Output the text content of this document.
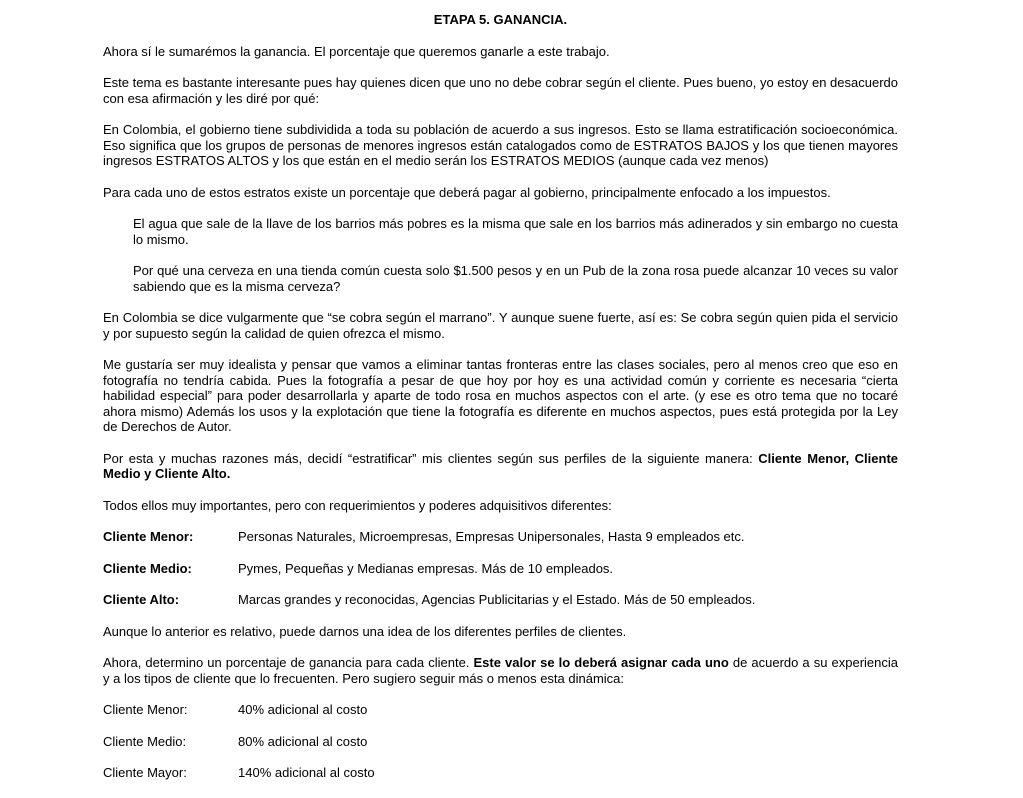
ETAPA 5. GANANCIA.

Ahora sí le sumarémos la ganancia. El porcentaje que queremos ganarle a este trabajo.

Este tema es bastante interesante pues hay quienes dicen que uno no debe cobrar según el cliente. Pues bueno, yo estoy en desacuerdo con esa afirmación y les diré por qué:

En Colombia, el gobierno tiene subdividida a toda su población de acuerdo a sus ingresos. Esto se llama estratificación socioeconómica. Eso significa que los grupos de personas de menores ingresos están catalogados como de ESTRATOS BAJOS y los que tienen mayores ingresos ESTRATOS ALTOS y los que están en el medio serán los ESTRATOS MEDIOS (aunque cada vez menos)

Para cada uno de estos estratos existe un porcentaje que deberá pagar al gobierno, principalmente enfocado a los impuestos.

El agua que sale de la llave de los barrios más pobres es la misma que sale en los barrios más adinerados y sin embargo no cuesta lo mismo.

Por qué una cerveza en una tienda común cuesta solo $1.500 pesos y en un Pub de la zona rosa puede alcanzar 10 veces su valor sabiendo que es la misma cerveza?

En Colombia se dice vulgarmente que “se cobra según el marrano”. Y aunque suene fuerte, así es: Se cobra según quien pida el servicio y por supuesto según la calidad de quien ofrezca el mismo.

Me gustaría ser muy idealista y pensar que vamos a eliminar tantas fronteras entre las clases sociales, pero al menos creo que eso en fotografía no tendría cabida. Pues la fotografía a pesar de que hoy por hoy es una actividad común y corriente es necesaria “cierta habilidad especial” para poder desarrollarla y aparte de todo rosa en muchos aspectos con el arte. (y ese es otro tema que no tocaré ahora mismo) Además los usos y la explotación que tiene la fotografía es diferente en muchos aspectos, pues está protegida por la Ley de Derechos de Autor.

Por esta y muchas razones más, decidí “estratificar” mis clientes según sus perfiles de la siguiente manera: Cliente Menor, Cliente Medio y Cliente Alto.

Todos ellos muy importantes, pero con requerimientos y poderes adquisitivos diferentes:

Cliente Menor:	Personas Naturales, Microempresas, Empresas Unipersonales, Hasta 9 empleados etc.
Cliente Medio:	Pymes, Pequeñas y Medianas empresas. Más de 10 empleados.
Cliente Alto:	Marcas grandes y reconocidas, Agencias Publicitarias y el Estado. Más de 50 empleados.

Aunque lo anterior es relativo, puede darnos una idea de los diferentes perfiles de clientes.

Ahora, determino un porcentaje de ganancia para cada cliente. Este valor se lo deberá asignar cada uno de acuerdo a su experiencia y a los tipos de cliente que lo frecuenten. Pero sugiero seguir más o menos esta dinámica:

Cliente Menor:	40% adicional al costo
Cliente Medio:	80% adicional al costo
Cliente Mayor:	140% adicional al costo
